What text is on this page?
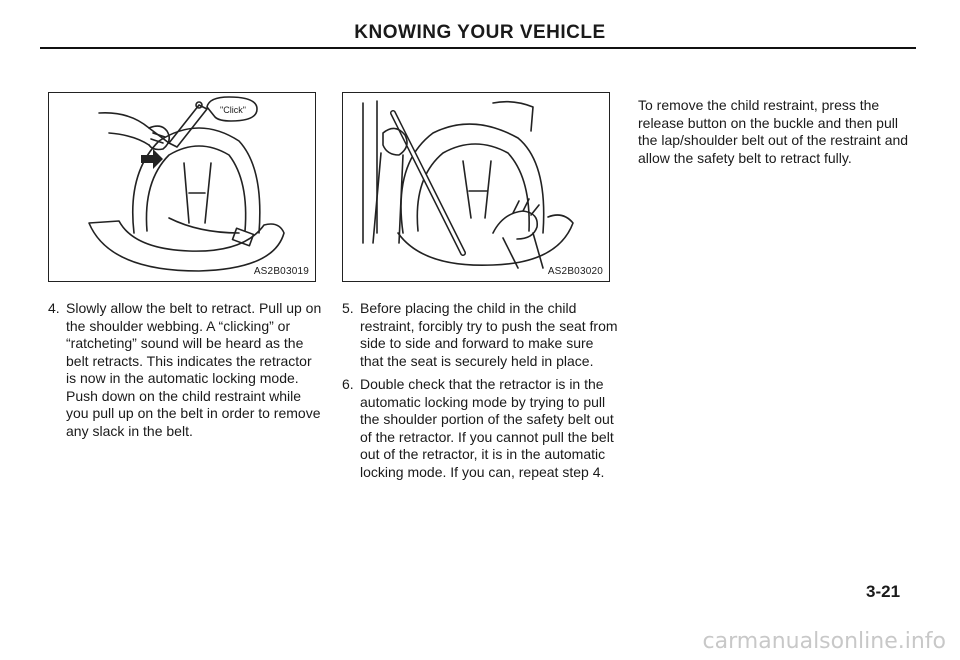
KNOWING YOUR VEHICLE
"Click"
AS2B03019	AS2B03020
4. Slowly allow the belt to retract. Pull up on the shoulder webbing. A “clicking” or “ratcheting” sound will be heard as the belt retracts. This indicates the retractor is now in the automatic locking mode. Push down on the child restraint while you pull up on the belt in order to remove any slack in the belt.
5. Before placing the child in the child restraint, forcibly try to push the seat from side to side and forward to make sure that the seat is securely held in place.
6. Double check that the retractor is in the automatic locking mode by trying to pull the shoulder portion of the safety belt out of the retractor. If you cannot pull the belt out of the retractor, it is in the automatic locking mode. If you can, repeat step 4.
To remove the child restraint, press the release button on the buckle and then pull the lap/shoulder belt out of the restraint and allow the safety belt to retract fully.
3-21
carmanualsonline.info
